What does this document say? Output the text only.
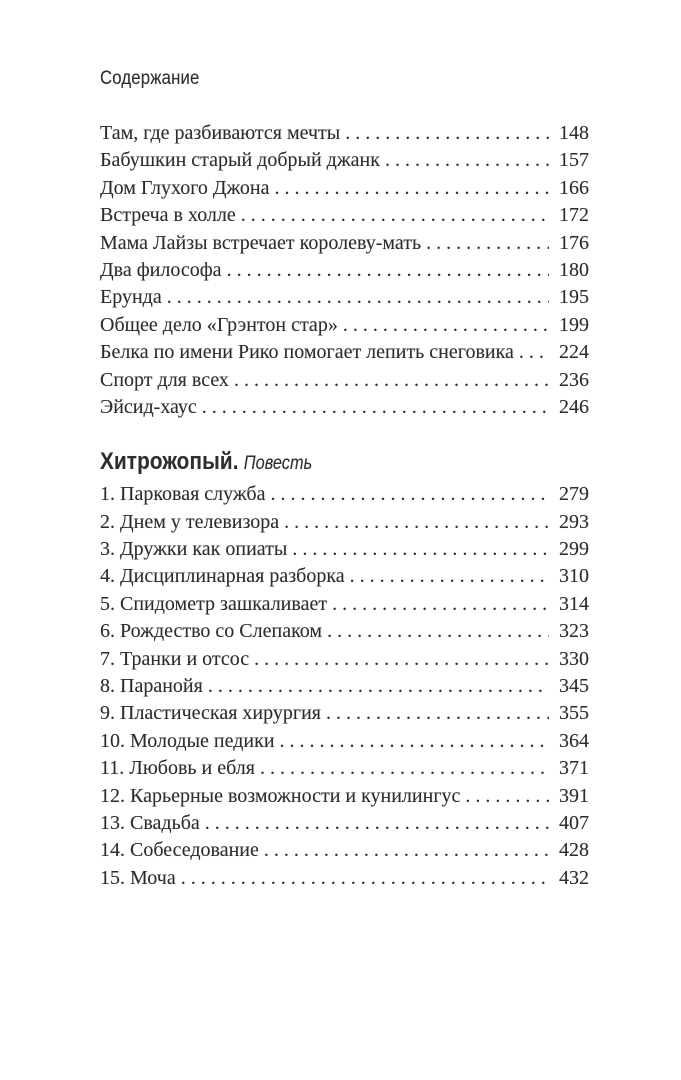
Содержание
Там, где разбиваются мечты . . .	148
Бабушкин старый добрый джанк . . .	157
Дом Глухого Джона . . .	166
Встреча в холле . . .	172
Мама Лайзы встречает королеву-мать . . .	176
Два философа . . .	180
Ерунда . . .	195
Общее дело «Грэнтон стар» . . .	199
Белка по имени Рико помогает лепить снеговика . . . 224
Спорт для всех . . .	236
Эйсид-хаус . . .	246
Хитрожопый. Повесть
1. Парковая служба . . .	279
2. Днем у телевизора . . .	293
3. Дружки как опиаты . . .	299
4. Дисциплинарная разборка . . .	310
5. Спидометр зашкаливает . . .	314
6. Рождество со Слепаком . . .	323
7. Транки и отсос . . .	330
8. Паранойя . . .	345
9. Пластическая хирургия . . .	355
10. Молодые педики . . .	364
11. Любовь и ебля . . .	371
12. Карьерные возможности и кунилингус . . .	391
13. Свадьба . . .	407
14. Собеседование . . .	428
15. Моча . . .	432
